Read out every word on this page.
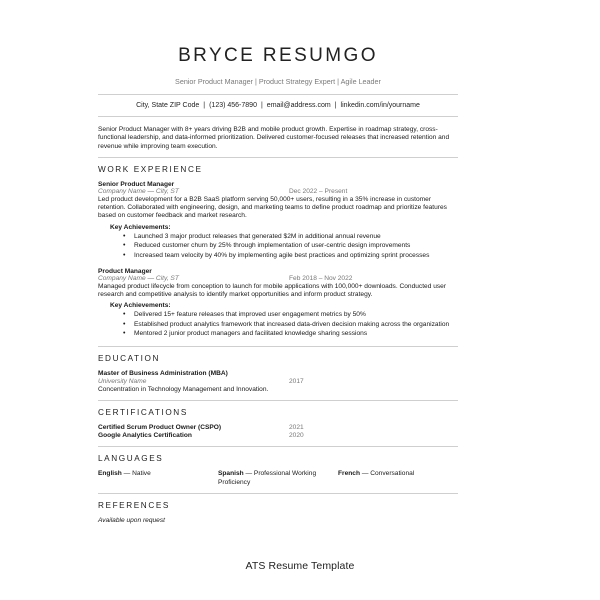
BRYCE RESUMGO
Senior Product Manager | Product Strategy Expert | Agile Leader
City, State ZIP Code | (123) 456-7890 | email@address.com | linkedin.com/in/yourname
Senior Product Manager with 8+ years driving B2B and mobile product growth. Expertise in roadmap strategy, cross-functional leadership, and data-informed prioritization. Delivered customer-focused releases that increased retention and revenue while improving team execution.
WORK EXPERIENCE
Senior Product Manager
Company Name — City, ST	Dec 2022 – Present
Led product development for a B2B SaaS platform serving 50,000+ users, resulting in a 35% increase in customer retention. Collaborated with engineering, design, and marketing teams to define product roadmap and prioritize features based on customer feedback and market research.
Key Achievements:
• Launched 3 major product releases that generated $2M in additional annual revenue
• Reduced customer churn by 25% through implementation of user-centric design improvements
• Increased team velocity by 40% by implementing agile best practices and optimizing sprint processes
Product Manager
Company Name — City, ST	Feb 2018 – Nov 2022
Managed product lifecycle from conception to launch for mobile applications with 100,000+ downloads. Conducted user research and competitive analysis to identify market opportunities and inform product strategy.
Key Achievements:
• Delivered 15+ feature releases that improved user engagement metrics by 50%
• Established product analytics framework that increased data-driven decision making across the organization
• Mentored 2 junior product managers and facilitated knowledge sharing sessions
EDUCATION
Master of Business Administration (MBA)
University Name	2017
Concentration in Technology Management and Innovation.
CERTIFICATIONS
Certified Scrum Product Owner (CSPO)	2021
Google Analytics Certification	2020
LANGUAGES
English — Native	Spanish — Professional Working Proficiency
French — Conversational
REFERENCES
Available upon request
ATS Resume Template
